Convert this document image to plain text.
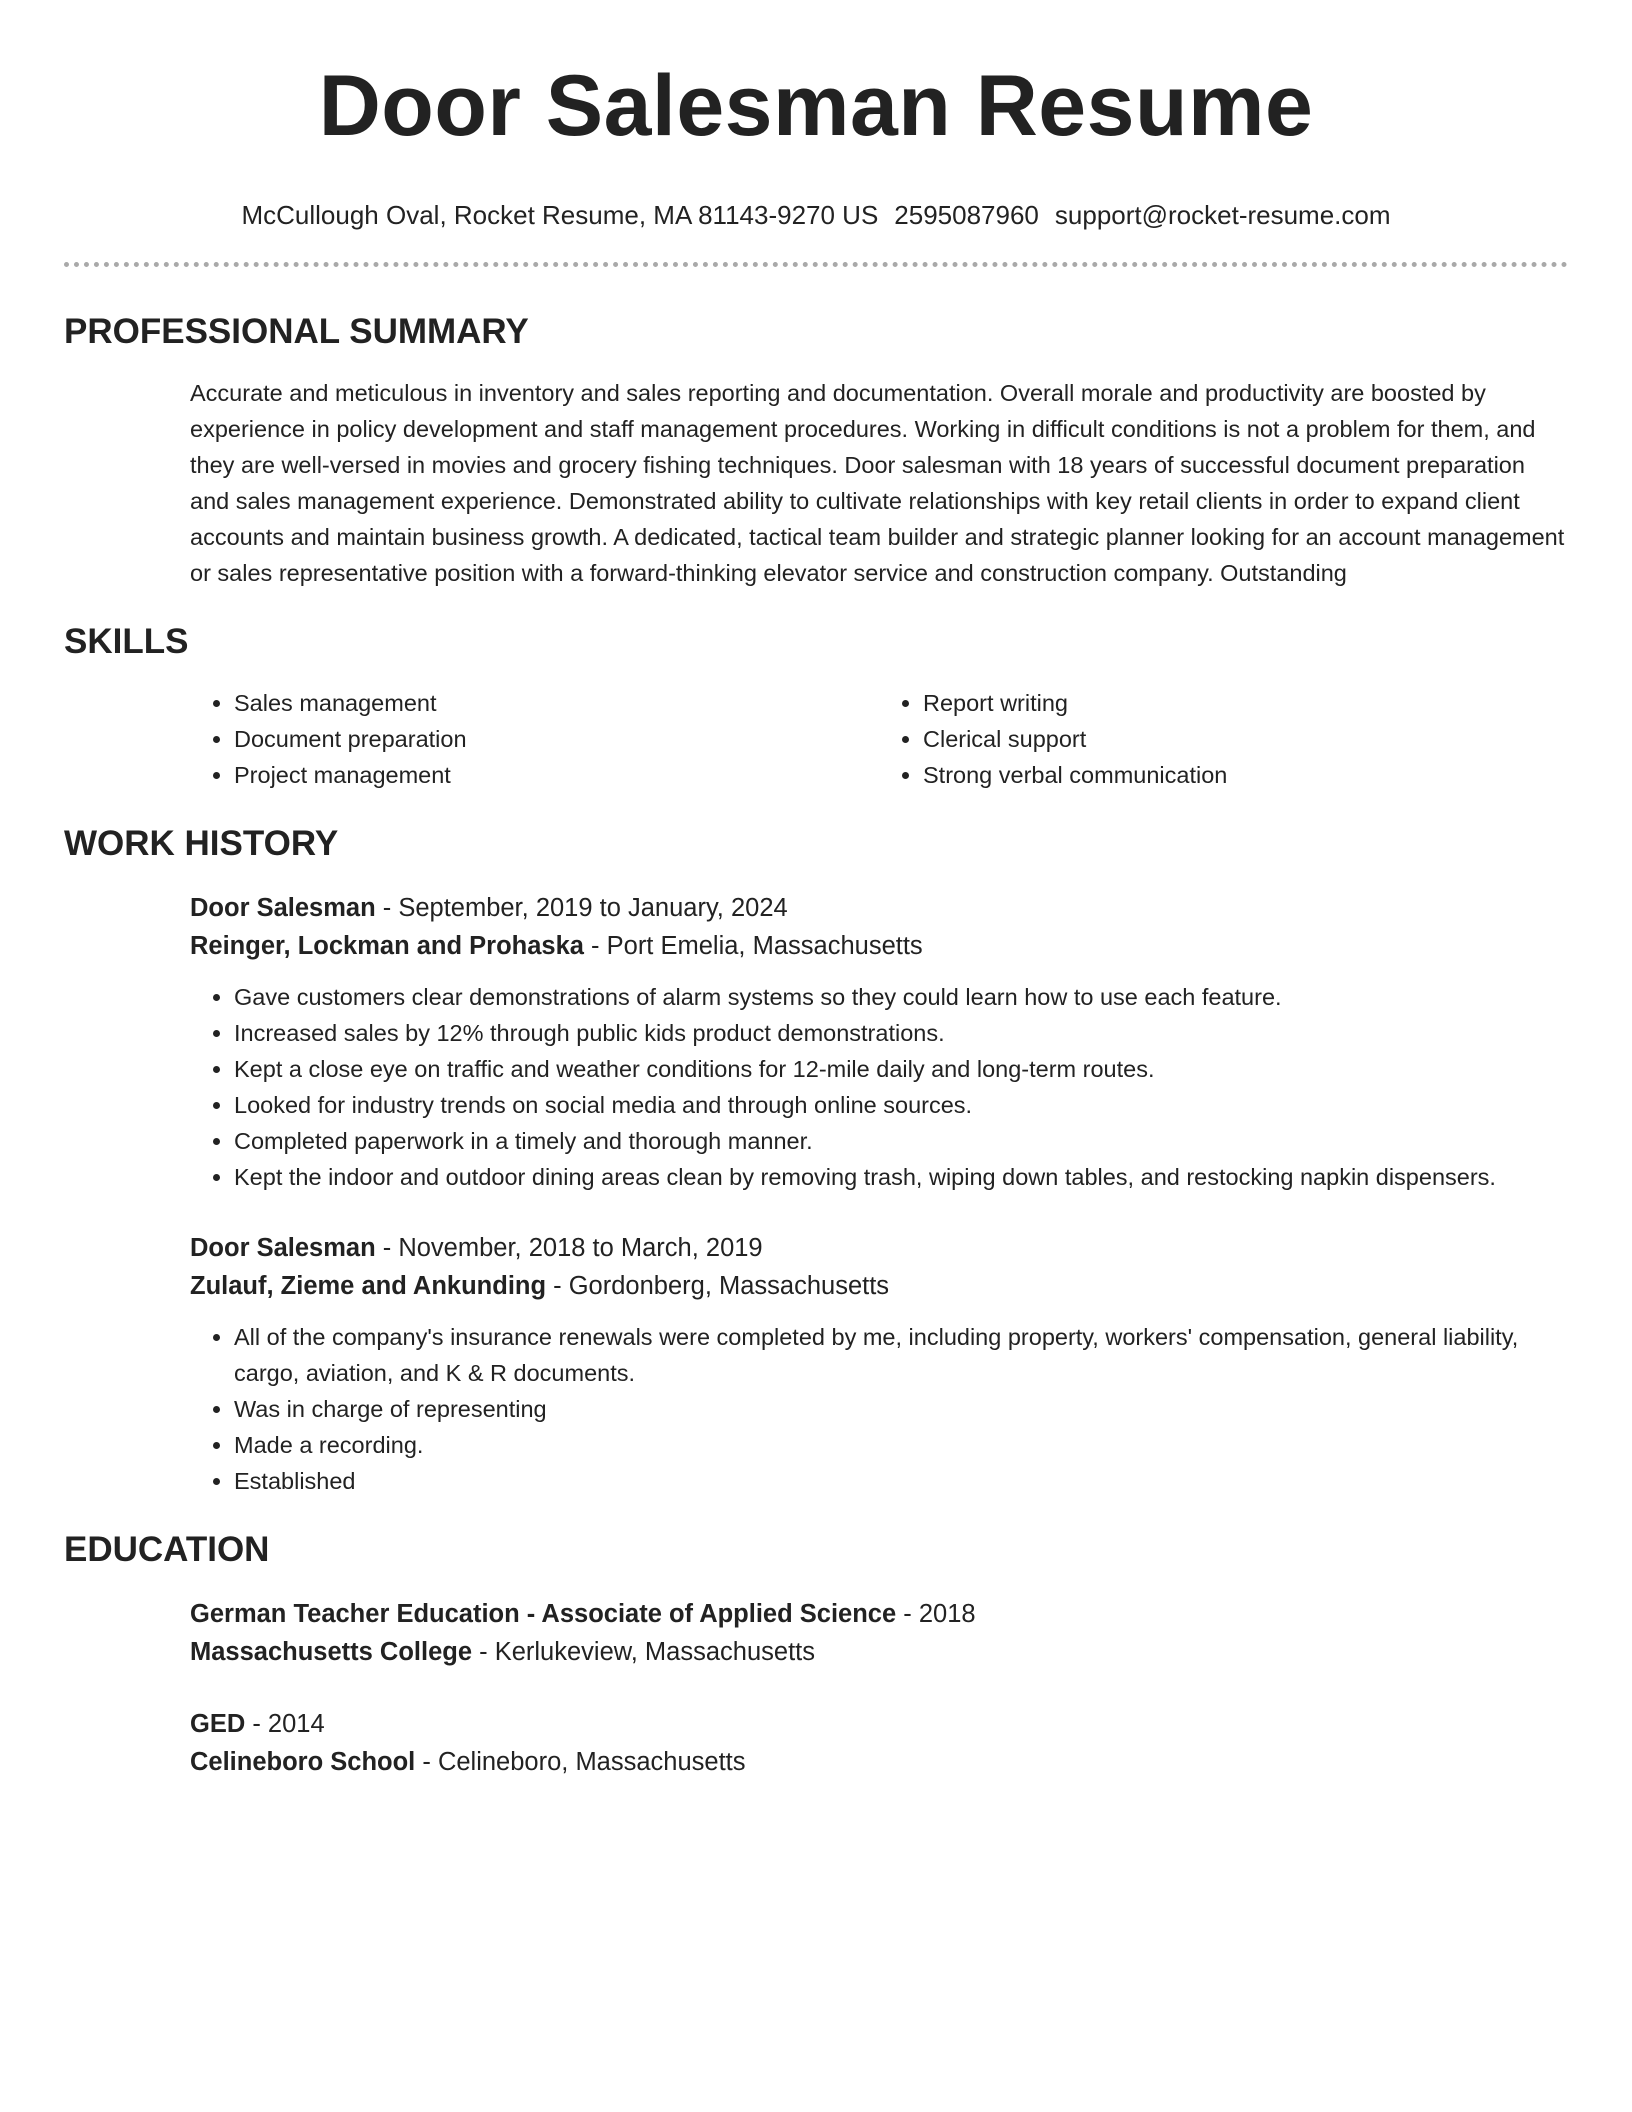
Door Salesman Resume
McCullough Oval, Rocket Resume, MA 81143-9270 US 2595087960 support@rocket-resume.com
PROFESSIONAL SUMMARY

Accurate and meticulous in inventory and sales reporting and documentation. Overall morale and productivity are boosted by experience in policy development and staff management procedures. Working in difficult conditions is not a problem for them, and they are well-versed in movies and grocery fishing techniques. Door salesman with 18 years of successful document preparation and sales management experience. Demonstrated ability to cultivate relationships with key retail clients in order to expand client accounts and maintain business growth. A dedicated, tactical team builder and strategic planner looking for an account management or sales representative position with a forward-thinking elevator service and construction company. Outstanding

SKILLS
• Sales management
• Document preparation
• Project management
• Report writing
• Clerical support
• Strong verbal communication
WORK HISTORY
Door Salesman - September, 2019 to January, 2024
Reinger, Lockman and Prohaska - Port Emelia, Massachusetts
• Gave customers clear demonstrations of alarm systems so they could learn how to use each feature.
• Increased sales by 12% through public kids product demonstrations.
• Kept a close eye on traffic and weather conditions for 12-mile daily and long-term routes.
• Looked for industry trends on social media and through online sources.
• Completed paperwork in a timely and thorough manner.
• Kept the indoor and outdoor dining areas clean by removing trash, wiping down tables, and restocking napkin dispensers.
Door Salesman - November, 2018 to March, 2019
Zulauf, Zieme and Ankunding - Gordonberg, Massachusetts
• All of the company's insurance renewals were completed by me, including property, workers' compensation, general liability, cargo, aviation, and K & R documents.
• Was in charge of representing
• Made a recording.
• Established
EDUCATION
German Teacher Education - Associate of Applied Science - 2018
Massachusetts College - Kerlukeview, Massachusetts
GED - 2014
Celineboro School - Celineboro, Massachusetts
